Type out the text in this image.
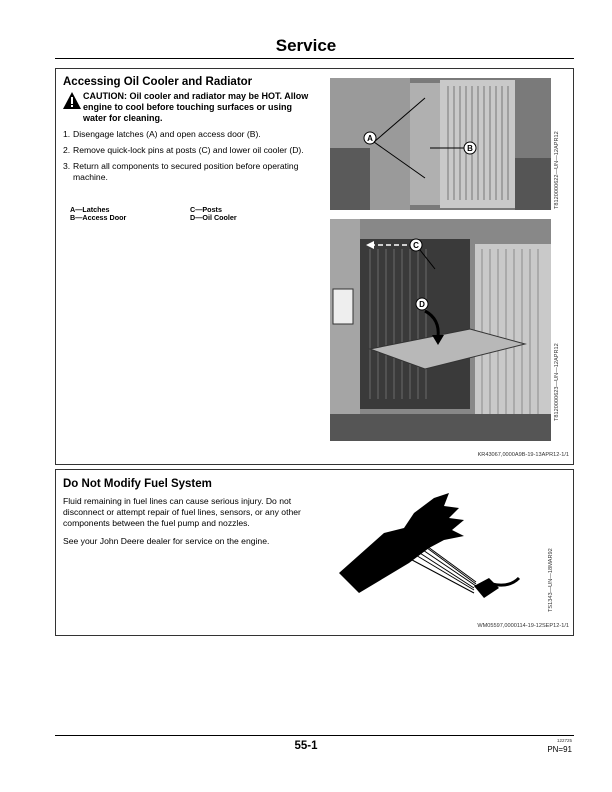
Service
Accessing Oil Cooler and Radiator
CAUTION: Oil cooler and radiator may be HOT. Allow engine to cool before touching surfaces or using water for cleaning.
1. Disengage latches (A) and open access door (B).
2. Remove quick-lock pins at posts (C) and lower oil cooler (D).
3. Return all components to secured position before operating machine.
A—Latches
B—Access Door
C—Posts
D—Oil Cooler
A
B	T8120000622—UN—12APR12
C
D
T8120000623—UN—12APR12
KR43067,0000A9B-19-13APR12-1/1
Do Not Modify Fuel System

Fluid remaining in fuel lines can cause serious injury. Do not disconnect or attempt repair of fuel lines, sensors, or any other components between the fuel pump and nozzles.

See your John Deere dealer for service on the engine.

TS1343—UN—18MAR92
WM05597,0000114-19-12SEP12-1/1
55-1	122725
PN=91
